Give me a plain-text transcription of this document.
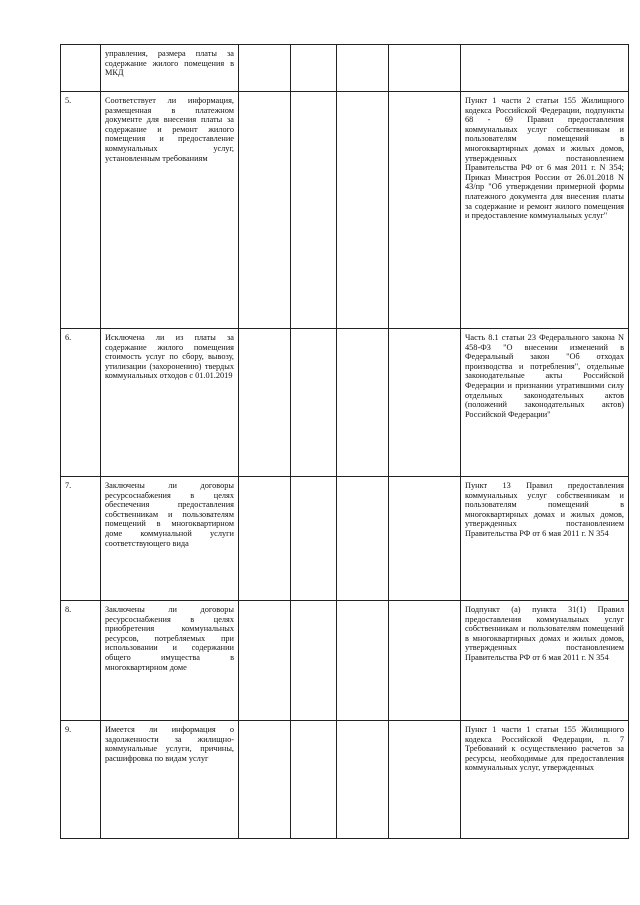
	управления, размера платы за содержание жилого помещения в МКД					
5.	Соответствует ли информация, размещенная в платежном документе для внесения платы за содержание и ремонт жилого помещения и предоставление коммунальных услуг, установленным требованиям					Пункт 1 части 2 статьи 155 Жилищного кодекса Российской Федерации, подпункты 68 - 69 Правил предоставления коммунальных услуг собственникам и пользователям помещений в многоквартирных домах и жилых домов, утвержденных постановлением Правительства РФ от 6 мая 2011 г. N 354; Приказ Минстроя России от 26.01.2018 N 43/пр "Об утверждении примерной формы платежного документа для внесения платы за содержание и ремонт жилого помещения и предоставление коммунальных услуг"
6.	Исключена ли из платы за содержание жилого помещения стоимость услуг по сбору, вывозу, утилизации (захоронению) твердых коммунальных отходов с 01.01.2019					Часть 8.1 статьи 23 Федерального закона N 458-ФЗ "О внесении изменений в Федеральный закон "Об отходах производства и потребления", отдельные законодательные акты Российской Федерации и признании утратившими силу отдельных законодательных актов (положений законодательных актов) Российской Федерации"
7.	Заключены ли договоры ресурсоснабжения в целях обеспечения предоставления собственникам и пользователям помещений в многоквартирном доме коммунальной услуги соответствующего вида					Пункт 13 Правил предоставления коммунальных услуг собственникам и пользователям помещений в многоквартирных домах и жилых домов, утвержденных постановлением Правительства РФ от 6 мая 2011 г. N 354
8.	Заключены ли договоры ресурсоснабжения в целях приобретения коммунальных ресурсов, потребляемых при использовании и содержании общего имущества в многоквартирном доме					Подпункт (а) пункта 31(1) Правил предоставления коммунальных услуг собственникам и пользователям помещений в многоквартирных домах и жилых домов, утвержденных постановлением Правительства РФ от 6 мая 2011 г. N 354
9.	Имеется ли информация о задолженности за жилищно-коммунальные услуги, причины, расшифровка по видам услуг					Пункт 1 части 1 статьи 155 Жилищного кодекса Российской Федерации, п. 7 Требований к осуществлению расчетов за ресурсы, необходимые для предоставления коммунальных услуг, утвержденных
